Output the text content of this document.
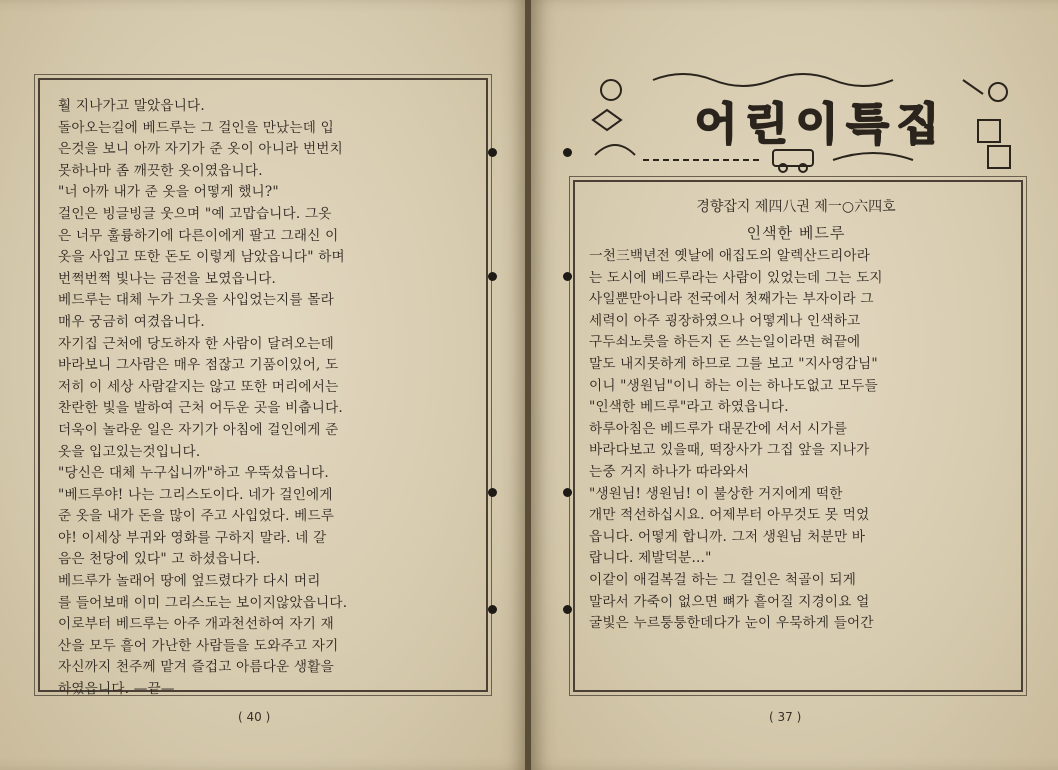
훨 지나가고 말았읍니다.
돌아오는길에 베드루는 그 걸인을 만났는데 입
은것을 보니 아까 자기가 준 옷이 아니라 번번치
못하나마 좀 깨끗한 옷이였읍니다.
"너 아까 내가 준 옷을 어떻게 했니?"
걸인은 빙글빙글 웃으며 "예 고맙습니다. 그옷
은 너무 훌륭하기에 다른이에게 팔고 그래신 이
옷을 사입고 또한 돈도 이렇게 남았읍니다" 하며
번쩍번쩍 빛나는 금전을 보였읍니다.
베드루는 대체 누가 그옷을 사입었는지를 몰라
매우 궁금히 여겼읍니다.
자기집 근처에 당도하자 한 사람이 달려오는데
바라보니 그사람은 매우 점잖고 기품이있어, 도
저히 이 세상 사람같지는 않고 또한 머리에서는
찬란한 빛을 발하여 근처 어두운 곳을 비춥니다.
더욱이 놀라운 일은 자기가 아침에 걸인에게 준
옷을 입고있는것입니다.
"당신은 대체 누구십니까"하고 우뚝섰읍니다.
"베드루야! 나는 그리스도이다. 네가 걸인에게
준 옷을 내가 돈을 많이 주고 사입었다. 베드루
야! 이세상 부귀와 영화를 구하지 말라. 네 갈
음은 천당에 있다" 고 하셨읍니다.
베드루가 놀래어 땅에 엎드렸다가 다시 머리
를 들어보매 이미 그리스도는 보이지않았읍니다.
이로부터 베드루는 아주 개과천선하여 자기 재
산을 모두 흩어 가난한 사람들을 도와주고 자기
자신까지 천주께 맡겨 즐겁고 아름다운 생활을
하였읍니다. —끝—
( 40 )
어린이특집
경향잡지 제四八권 제一○六四호
인색한 베드루
一천三백년전 옛날에 애집도의 알렉산드리아라
는 도시에 베드루라는 사람이 있었는데 그는 도지
사일뿐만아니라 전국에서 첫째가는 부자이라 그
세력이 아주 굉장하였으나 어떻게나 인색하고
구두쇠노릇을 하든지 돈 쓰는일이라면 혀끝에
말도 내지못하게 하므로 그를 보고 "지사영감님"
이니 "생원님"이니 하는 이는 하나도없고 모두들
"인색한 베드루"라고 하였읍니다.
하루아침은 베드루가 대문간에 서서 시가를
바라다보고 있을때, 떡장사가 그집 앞을 지나가
는중 거지 하나가 따라와서
"생원님! 생원님! 이 불상한 거지에게 떡한
개만 적선하십시요. 어제부터 아무것도 못 먹었
읍니다. 어떻게 합니까. 그저 생원님 처분만 바
랍니다. 제발덕분…"
이같이 애걸복걸 하는 그 걸인은 척골이 되게
말라서 가죽이 없으면 뼈가 흩어질 지경이요 얼
굴빛은 누르퉁퉁한데다가 눈이 우묵하게 들어간
( 37 )
